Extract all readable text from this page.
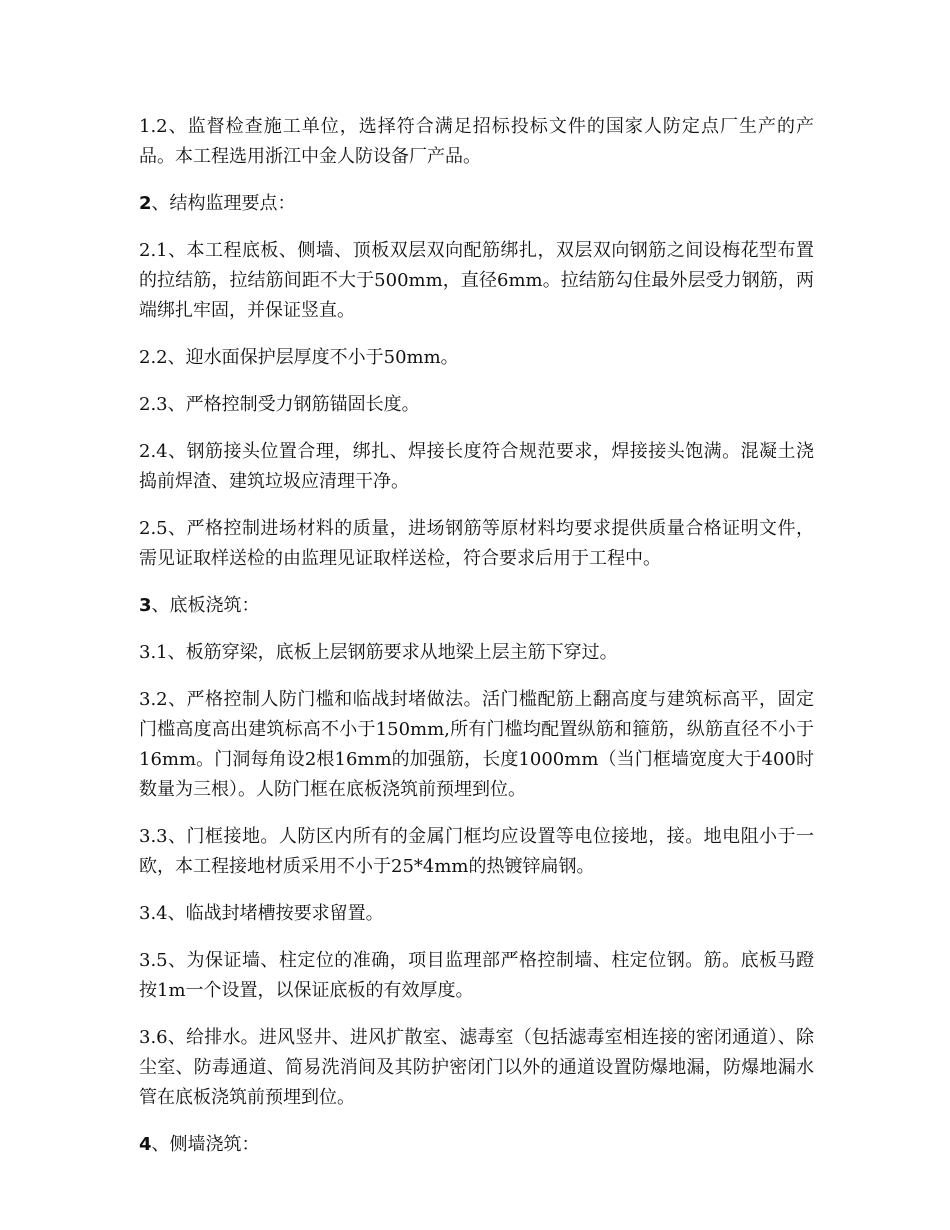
1.2、监督检查施工单位，选择符合满足招标投标文件的国家人防定点厂生产的产品。本工程选用浙江中金人防设备厂产品。

2、结构监理要点：

2.1、本工程底板、侧墙、顶板双层双向配筋绑扎，双层双向钢筋之间设梅花型布置的拉结筋，拉结筋间距不大于500mm，直径6mm。拉结筋勾住最外层受力钢筋，两端绑扎牢固，并保证竖直。

2.2、迎水面保护层厚度不小于50mm。

2.3、严格控制受力钢筋锚固长度。

2.4、钢筋接头位置合理，绑扎、焊接长度符合规范要求，焊接接头饱满。混凝土浇捣前焊渣、建筑垃圾应清理干净。

2.5、严格控制进场材料的质量，进场钢筋等原材料均要求提供质量合格证明文件，需见证取样送检的由监理见证取样送检，符合要求后用于工程中。

3、底板浇筑：

3.1、板筋穿梁，底板上层钢筋要求从地梁上层主筋下穿过。

3.2、严格控制人防门槛和临战封堵做法。活门槛配筋上翻高度与建筑标高平，固定门槛高度高出建筑标高不小于150mm,所有门槛均配置纵筋和箍筋，纵筋直径不小于16mm。门洞每角设2根16mm的加强筋，长度1000mm（当门框墙宽度大于400时数量为三根）。人防门框在底板浇筑前预埋到位。

3.3、门框接地。人防区内所有的金属门框均应设置等电位接地，接。地电阻小于一欧，本工程接地材质采用不小于25*4mm的热镀锌扁钢。

3.4、临战封堵槽按要求留置。

3.5、为保证墙、柱定位的准确，项目监理部严格控制墙、柱定位钢。筋。底板马蹬按1m一个设置，以保证底板的有效厚度。

3.6、给排水。进风竖井、进风扩散室、滤毒室（包括滤毒室相连接的密闭通道）、除尘室、防毒通道、简易洗消间及其防护密闭门以外的通道设置防爆地漏，防爆地漏水管在底板浇筑前预埋到位。

4、侧墙浇筑：
